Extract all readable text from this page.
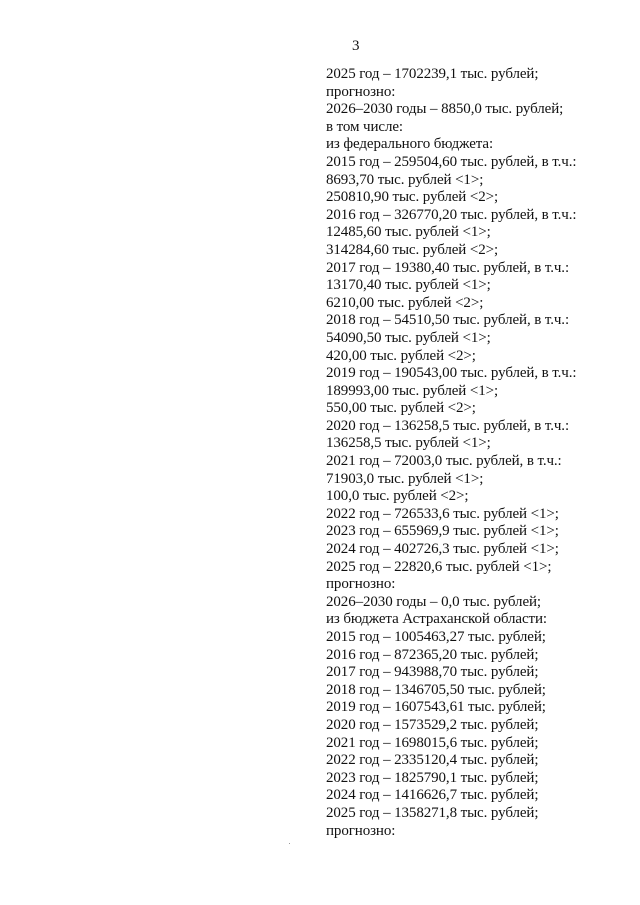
3
2025 год – 1702239,1 тыс. рублей;
прогнозно:
2026–2030 годы – 8850,0 тыс. рублей;
в том числе:
из федерального бюджета:
2015 год – 259504,60 тыс. рублей, в т.ч.:
8693,70 тыс. рублей <1>;
250810,90 тыс. рублей <2>;
2016 год – 326770,20 тыс. рублей, в т.ч.:
12485,60 тыс. рублей <1>;
314284,60 тыс. рублей <2>;
2017 год – 19380,40 тыс. рублей, в т.ч.:
13170,40 тыс. рублей <1>;
6210,00 тыс. рублей <2>;
2018 год – 54510,50 тыс. рублей, в т.ч.:
54090,50 тыс. рублей <1>;
420,00 тыс. рублей <2>;
2019 год – 190543,00 тыс. рублей, в т.ч.:
189993,00 тыс. рублей <1>;
550,00 тыс. рублей <2>;
2020 год – 136258,5 тыс. рублей, в т.ч.:
136258,5 тыс. рублей <1>;
2021 год – 72003,0 тыс. рублей, в т.ч.:
71903,0 тыс. рублей <1>;
100,0 тыс. рублей <2>;
2022 год – 726533,6 тыс. рублей <1>;
2023 год – 655969,9 тыс. рублей <1>;
2024 год – 402726,3 тыс. рублей <1>;
2025 год – 22820,6 тыс. рублей <1>;
прогнозно:
2026–2030 годы – 0,0 тыс. рублей;
из бюджета Астраханской области:
2015 год – 1005463,27 тыс. рублей;
2016 год – 872365,20 тыс. рублей;
2017 год – 943988,70 тыс. рублей;
2018 год – 1346705,50 тыс. рублей;
2019 год – 1607543,61 тыс. рублей;
2020 год – 1573529,2 тыс. рублей;
2021 год – 1698015,6 тыс. рублей;
2022 год – 2335120,4 тыс. рублей;
2023 год – 1825790,1 тыс. рублей;
2024 год – 1416626,7 тыс. рублей;
2025 год – 1358271,8 тыс. рублей;
прогнозно:
